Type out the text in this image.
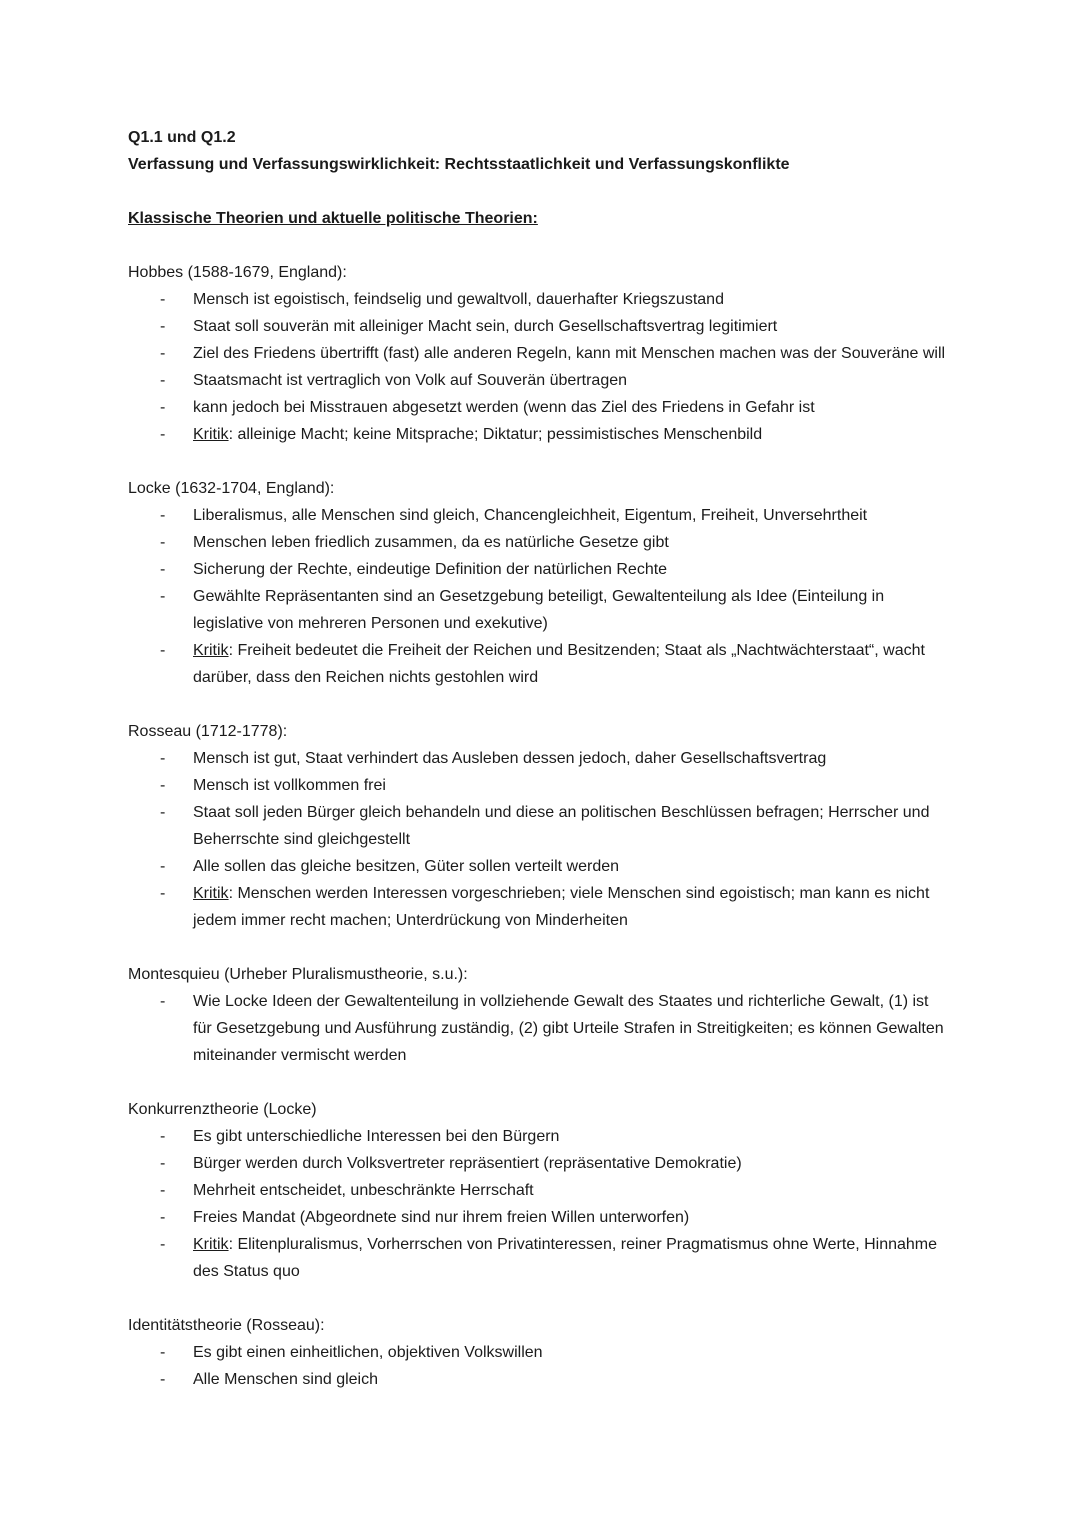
Q1.1 und Q1.2

Verfassung und Verfassungswirklichkeit: Rechtsstaatlichkeit und Verfassungskonflikte

Klassische Theorien und aktuelle politische Theorien:

Hobbes (1588-1679, England):

-	Mensch ist egoistisch, feindselig und gewaltvoll, dauerhafter Kriegszustand
-	Staat soll souverän mit alleiniger Macht sein, durch Gesellschaftsvertrag legitimiert
-	Ziel des Friedens übertrifft (fast) alle anderen Regeln, kann mit Menschen machen was der Souveräne will
-	Staatsmacht ist vertraglich von Volk auf Souverän übertragen
-	kann jedoch bei Misstrauen abgesetzt werden (wenn das Ziel des Friedens in Gefahr ist
-	Kritik: alleinige Macht; keine Mitsprache; Diktatur; pessimistisches Menschenbild

Locke (1632-1704, England):

-	Liberalismus, alle Menschen sind gleich, Chancengleichheit, Eigentum, Freiheit, Unversehrtheit
-	Menschen leben friedlich zusammen, da es natürliche Gesetze gibt
-	Sicherung der Rechte, eindeutige Definition der natürlichen Rechte
-	Gewählte Repräsentanten sind an Gesetzgebung beteiligt, Gewaltenteilung als Idee (Einteilung in legislative von mehreren Personen und exekutive)
-	Kritik: Freiheit bedeutet die Freiheit der Reichen und Besitzenden; Staat als „Nachtwächterstaat“, wacht darüber, dass den Reichen nichts gestohlen wird

Rosseau (1712-1778):

-	Mensch ist gut, Staat verhindert das Ausleben dessen jedoch, daher Gesellschaftsvertrag
-	Mensch ist vollkommen frei
-	Staat soll jeden Bürger gleich behandeln und diese an politischen Beschlüssen befragen; Herrscher und Beherrschte sind gleichgestellt
-	Alle sollen das gleiche besitzen, Güter sollen verteilt werden
-	Kritik: Menschen werden Interessen vorgeschrieben; viele Menschen sind egoistisch; man kann es nicht jedem immer recht machen; Unterdrückung von Minderheiten

Montesquieu (Urheber Pluralismustheorie, s.u.):

-	Wie Locke Ideen der Gewaltenteilung in vollziehende Gewalt des Staates und richterliche Gewalt, (1) ist für Gesetzgebung und Ausführung zuständig, (2) gibt Urteile Strafen in Streitigkeiten; es können Gewalten miteinander vermischt werden

Konkurrenztheorie (Locke)

-	Es gibt unterschiedliche Interessen bei den Bürgern
-	Bürger werden durch Volksvertreter repräsentiert (repräsentative Demokratie)
-	Mehrheit entscheidet, unbeschränkte Herrschaft
-	Freies Mandat (Abgeordnete sind nur ihrem freien Willen unterworfen)
-	Kritik: Elitenpluralismus, Vorherrschen von Privatinteressen, reiner Pragmatismus ohne Werte, Hinnahme des Status quo

Identitätstheorie (Rosseau):

-	Es gibt einen einheitlichen, objektiven Volkswillen
-	Alle Menschen sind gleich
